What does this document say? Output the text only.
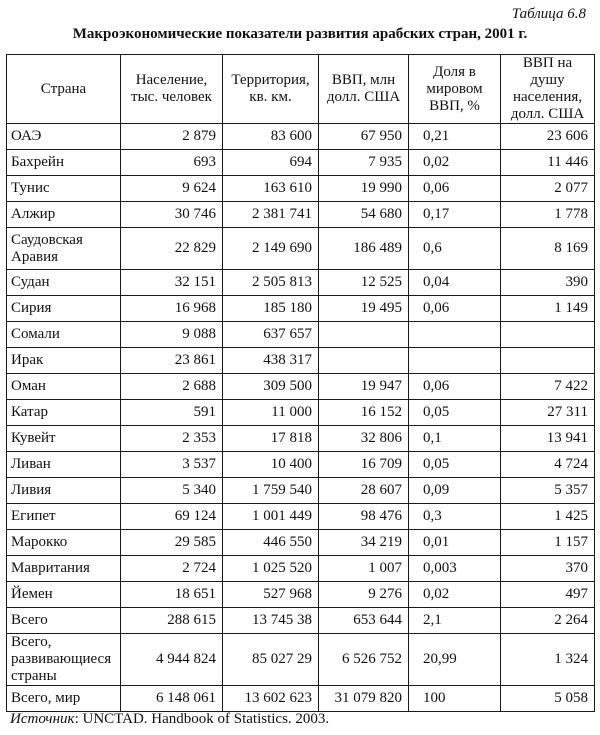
Таблица 6.8
Макроэкономические показатели развития арабских стран, 2001 г.
Страна	Население, тыс. человек	Территория, кв. км.	ВВП, млн долл. США	Доля в мировом ВВП, %	ВВП на душу населения, долл. США
ОАЭ	2 879	83 600	67 950	0,21	23 606
Бахрейн	693	694	7 935	0,02	11 446
Тунис	9 624	163 610	19 990	0,06	2 077
Алжир	30 746	2 381 741	54 680	0,17	1 778
Саудовская Аравия	22 829	2 149 690	186 489	0,6	8 169
Судан	32 151	2 505 813	12 525	0,04	390
Сирия	16 968	185 180	19 495	0,06	1 149
Сомали	9 088	637 657			
Ирак	23 861	438 317			
Оман	2 688	309 500	19 947	0,06	7 422
Катар	591	11 000	16 152	0,05	27 311
Кувейт	2 353	17 818	32 806	0,1	13 941
Ливан	3 537	10 400	16 709	0,05	4 724
Ливия	5 340	1 759 540	28 607	0,09	5 357
Египет	69 124	1 001 449	98 476	0,3	1 425
Марокко	29 585	446 550	34 219	0,01	1 157
Мавритания	2 724	1 025 520	1 007	0,003	370
Йемен	18 651	527 968	9 276	0,02	497
Всего	288 615	13 745 38	653 644	2,1	2 264
Всего, развивающиеся страны	4 944 824	85 027 29	6 526 752	20,99	1 324
Всего, мир	6 148 061	13 602 623	31 079 820	100	5 058
Источник: UNCTAD. Handbook of Statistics. 2003.
